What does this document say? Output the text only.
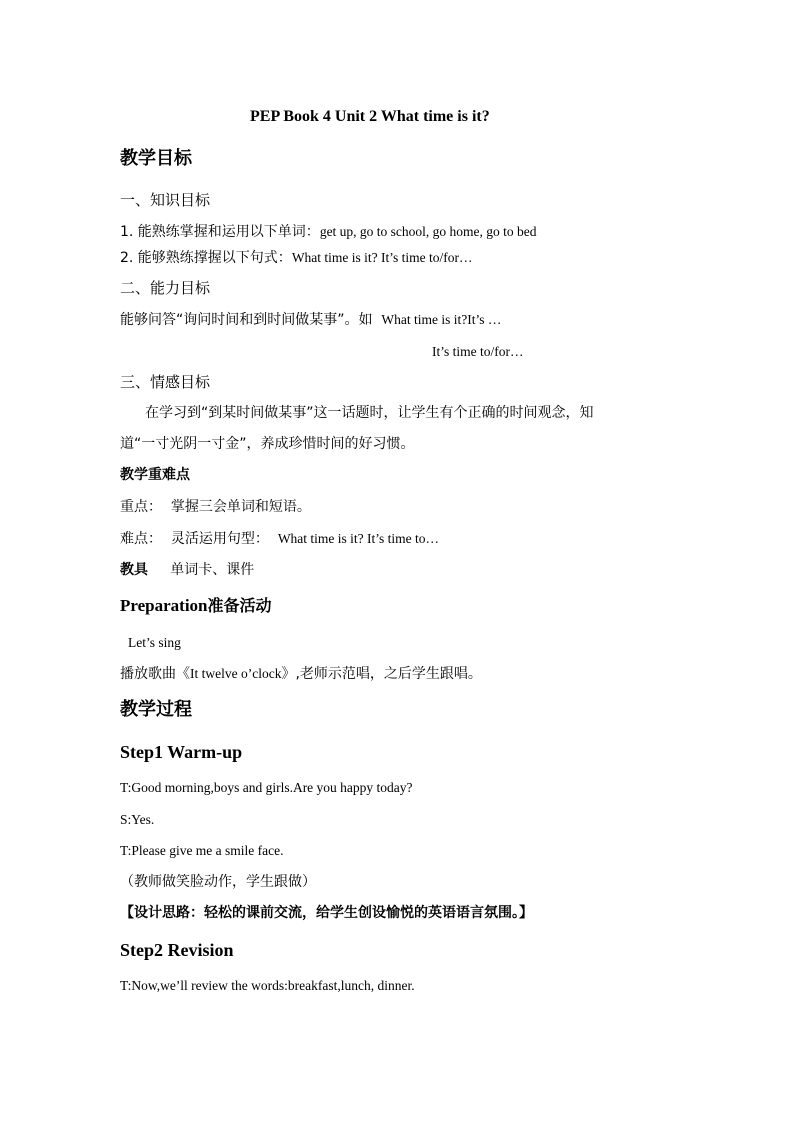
PEP Book 4 Unit 2 What time is it?
教学目标
一、知识目标
1. 能熟练掌握和运用以下单词：get up, go to school, go home, go to bed
2. 能够熟练撑握以下句式：What time is it? It’s time to/for…
二、能力目标
能够问答“询问时间和到时间做某事”。如 What time is it?It’s …
It’s time to/for…
三、情感目标
在学习到“到某时间做某事”这一话题时，让学生有个正确的时间观念，知
道“一寸光阴一寸金”，养成珍惜时间的好习惯。
教学重难点
重点： 掌握三会单词和短语。
难点： 灵活运用句型： What time is it? It’s time to…
教具 单词卡、课件
Preparation准备活动
Let’s sing
播放歌曲《It twelve o’clock》,老师示范唱，之后学生跟唱。
教学过程
Step1 Warm-up
T:Good morning,boys and girls.Are you happy today?
S:Yes.
T:Please give me a smile face.
（教师做笑脸动作，学生跟做）
【设计思路：轻松的课前交流，给学生创设愉悦的英语语言氛围。】
Step2 Revision
T:Now,we’ll review the words:breakfast,lunch, dinner.
